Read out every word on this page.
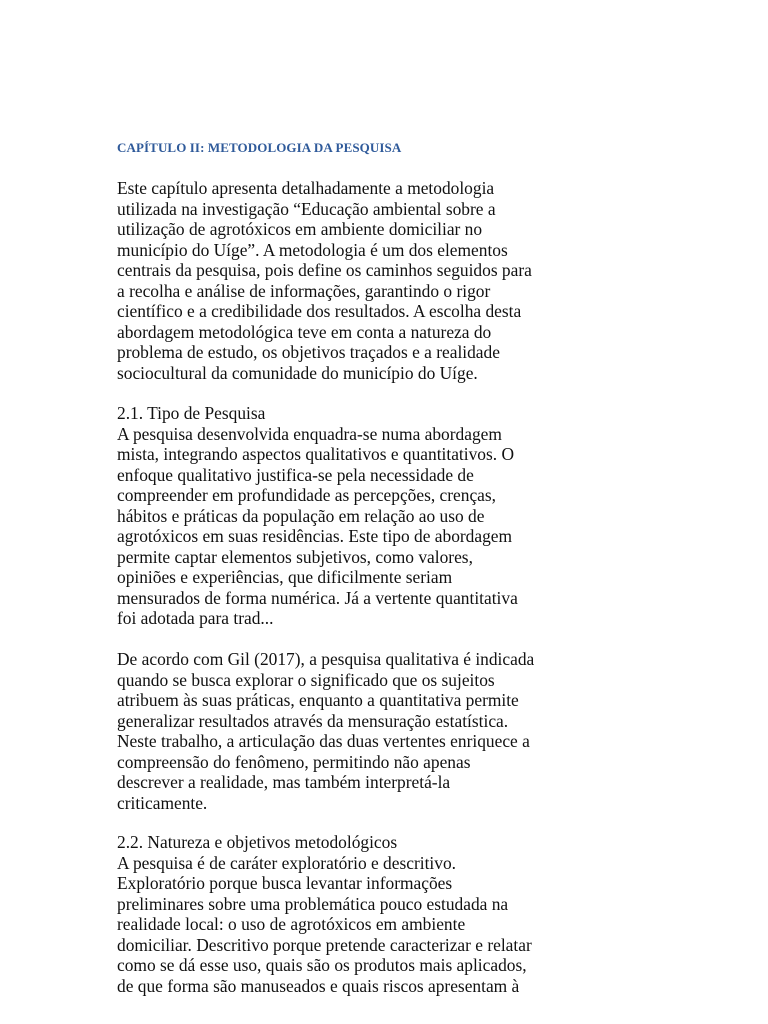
CAPÍTULO II: METODOLOGIA DA PESQUISA
Este capítulo apresenta detalhadamente a metodologia
utilizada na investigação “Educação ambiental sobre a
utilização de agrotóxicos em ambiente domiciliar no
município do Uíge”. A metodologia é um dos elementos
centrais da pesquisa, pois define os caminhos seguidos para
a recolha e análise de informações, garantindo o rigor
científico e a credibilidade dos resultados. A escolha desta
abordagem metodológica teve em conta a natureza do
problema de estudo, os objetivos traçados e a realidade
sociocultural da comunidade do município do Uíge.
2.1. Tipo de Pesquisa
A pesquisa desenvolvida enquadra-se numa abordagem
mista, integrando aspectos qualitativos e quantitativos. O
enfoque qualitativo justifica-se pela necessidade de
compreender em profundidade as percepções, crenças,
hábitos e práticas da população em relação ao uso de
agrotóxicos em suas residências. Este tipo de abordagem
permite captar elementos subjetivos, como valores,
opiniões e experiências, que dificilmente seriam
mensurados de forma numérica. Já a vertente quantitativa
foi adotada para trad...
De acordo com Gil (2017), a pesquisa qualitativa é indicada
quando se busca explorar o significado que os sujeitos
atribuem às suas práticas, enquanto a quantitativa permite
generalizar resultados através da mensuração estatística.
Neste trabalho, a articulação das duas vertentes enriquece a
compreensão do fenômeno, permitindo não apenas
descrever a realidade, mas também interpretá-la
criticamente.
2.2. Natureza e objetivos metodológicos
A pesquisa é de caráter exploratório e descritivo.
Exploratório porque busca levantar informações
preliminares sobre uma problemática pouco estudada na
realidade local: o uso de agrotóxicos em ambiente
domiciliar. Descritivo porque pretende caracterizar e relatar
como se dá esse uso, quais são os produtos mais aplicados,
de que forma são manuseados e quais riscos apresentam à
